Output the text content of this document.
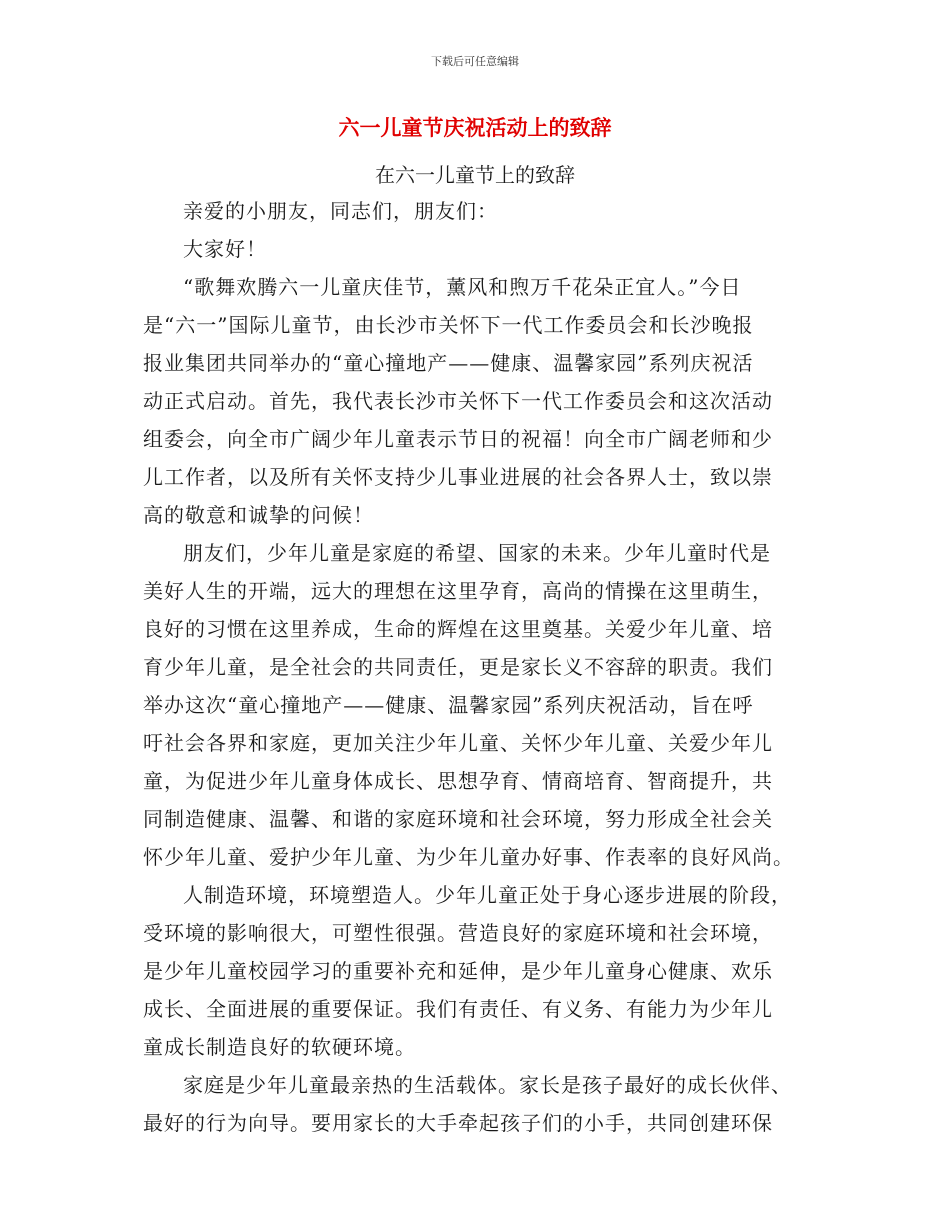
下载后可任意编辑
六一儿童节庆祝活动上的致辞

在六一儿童节上的致辞

亲爱的小朋友，同志们，朋友们：

大家好！

“歌舞欢腾六一儿童庆佳节，薰风和煦万千花朵正宜人。”今日
是“六一”国际儿童节，由长沙市关怀下一代工作委员会和长沙晚报
报业集团共同举办的“童心撞地产——健康、温馨家园”系列庆祝活
动正式启动。首先，我代表长沙市关怀下一代工作委员会和这次活动
组委会，向全市广阔少年儿童表示节日的祝福！向全市广阔老师和少
儿工作者，以及所有关怀支持少儿事业进展的社会各界人士，致以崇
高的敬意和诚挚的问候！

朋友们，少年儿童是家庭的希望、国家的未来。少年儿童时代是
美好人生的开端，远大的理想在这里孕育，高尚的情操在这里萌生，
良好的习惯在这里养成，生命的辉煌在这里奠基。关爱少年儿童、培
育少年儿童，是全社会的共同责任，更是家长义不容辞的职责。我们
举办这次“童心撞地产——健康、温馨家园”系列庆祝活动，旨在呼
吁社会各界和家庭，更加关注少年儿童、关怀少年儿童、关爱少年儿
童，为促进少年儿童身体成长、思想孕育、情商培育、智商提升，共
同制造健康、温馨、和谐的家庭环境和社会环境，努力形成全社会关
怀少年儿童、爱护少年儿童、为少年儿童办好事、作表率的良好风尚。

人制造环境，环境塑造人。少年儿童正处于身心逐步进展的阶段，
受环境的影响很大，可塑性很强。营造良好的家庭环境和社会环境，
是少年儿童校园学习的重要补充和延伸，是少年儿童身心健康、欢乐
成长、全面进展的重要保证。我们有责任、有义务、有能力为少年儿
童成长制造良好的软硬环境。

家庭是少年儿童最亲热的生活载体。家长是孩子最好的成长伙伴、
最好的行为向导。要用家长的大手牵起孩子们的小手，共同创建环保
